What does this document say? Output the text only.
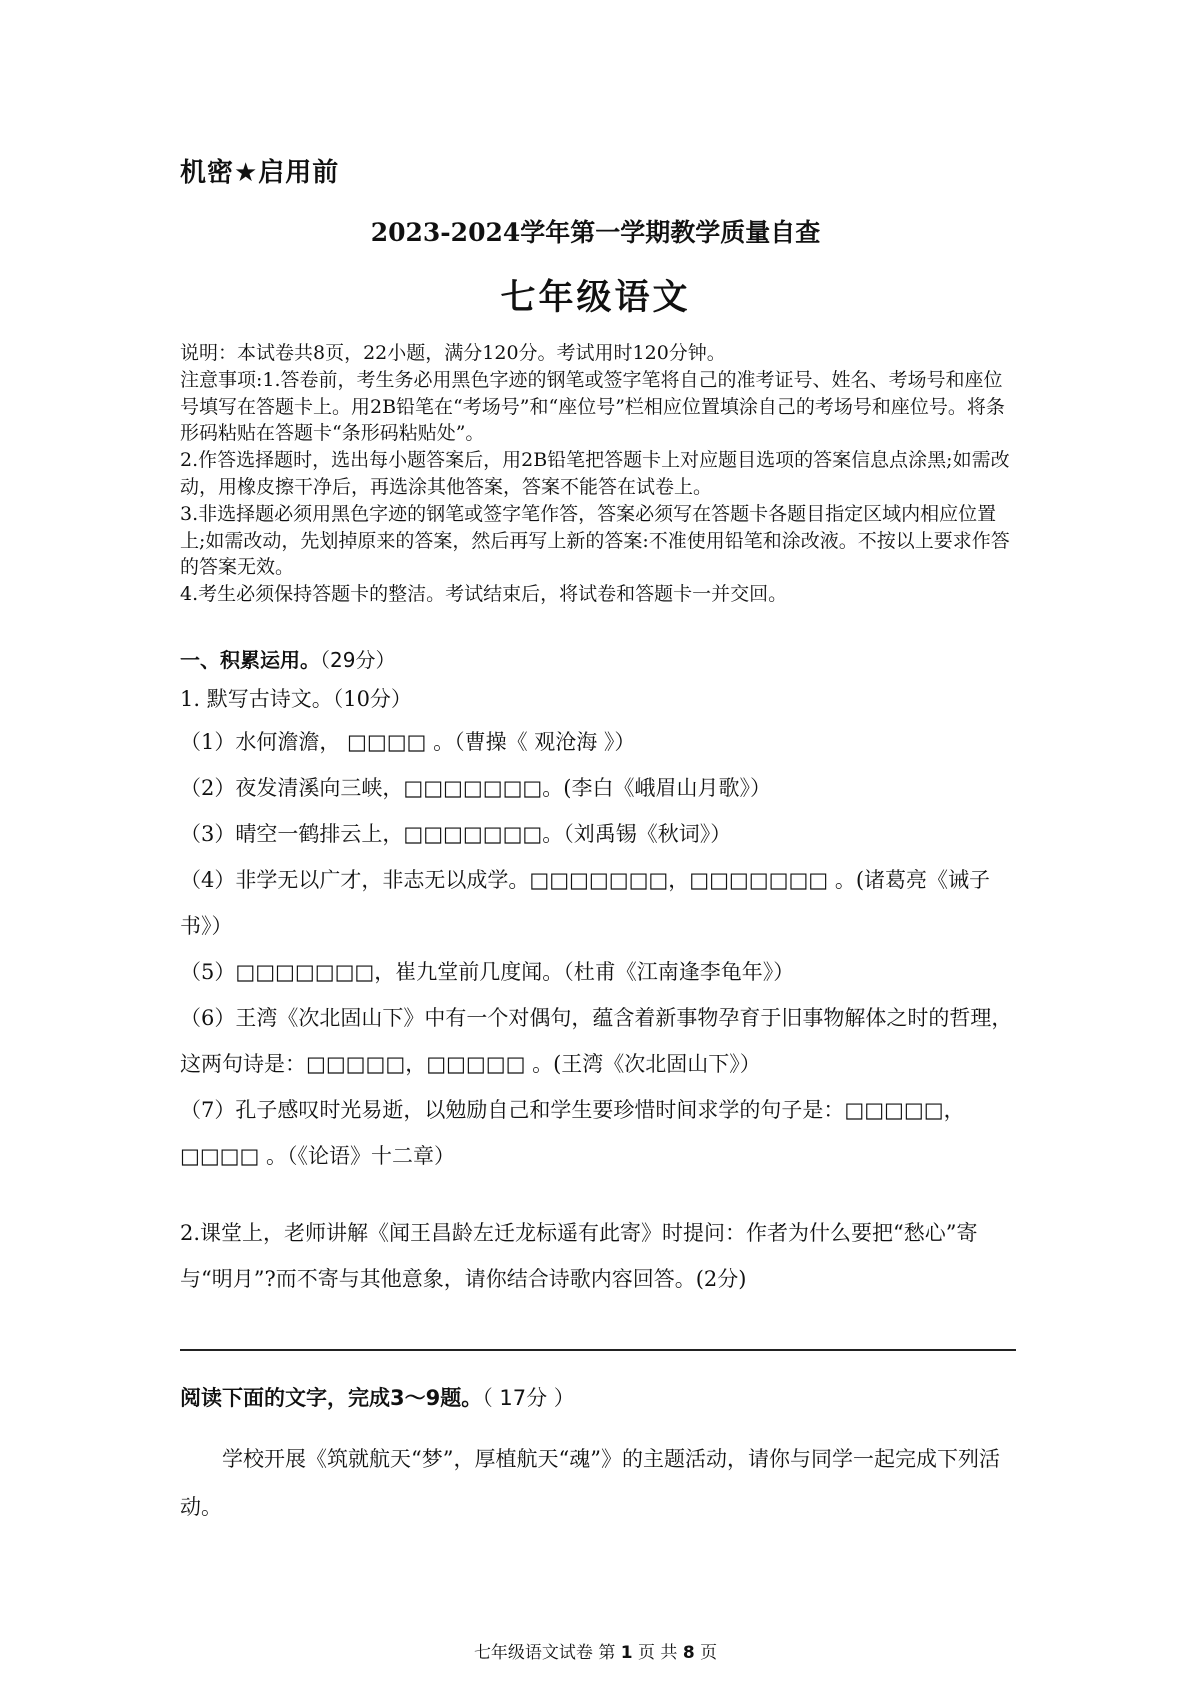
机密★启用前
2023-2024学年第一学期教学质量自查
七年级语文

说明：本试卷共8页，22小题，满分120分。考试用时120分钟。

注意事项:1.答卷前，考生务必用黑色字迹的钢笔或签字笔将自己的准考证号、姓名、考场号和座位号填写在答题卡上。用2B铅笔在“考场号”和“座位号”栏相应位置填涂自己的考场号和座位号。将条形码粘贴在答题卡“条形码粘贴处”。

2.作答选择题时，选出每小题答案后，用2B铅笔把答题卡上对应题目选项的答案信息点涂黑;如需改动，用橡皮擦干净后，再选涂其他答案，答案不能答在试卷上。

3.非选择题必须用黑色字迹的钢笔或签字笔作答，答案必须写在答题卡各题目指定区域内相应位置上;如需改动，先划掉原来的答案，然后再写上新的答案:不准使用铅笔和涂改液。不按以上要求作答的答案无效。

4.考生必须保持答题卡的整洁。考试结束后，将试卷和答题卡一并交回。

一、积累运用。（29分）
1. 默写古诗文。（10分）

（1）水何澹澹， □□□□ 。（曹操《 观沧海 》）

（2）夜发清溪向三峡，□□□□□□□。(李白《峨眉山月歌》）

（3）晴空一鹤排云上，□□□□□□□。（刘禹锡《秋词》）

（4）非学无以广才，非志无以成学。□□□□□□□，□□□□□□□ 。(诸葛亮《诫子书》）

（5）□□□□□□□，崔九堂前几度闻。（杜甫《江南逢李龟年》）

（6）王湾《次北固山下》中有一个对偶句，蕴含着新事物孕育于旧事物解体之时的哲理，这两句诗是：□□□□□，□□□□□ 。(王湾《次北固山下》）

（7）孔子感叹时光易逝，以勉励自己和学生要珍惜时间求学的句子是：□□□□□，□□□□ 。（《论语》十二章）

2.课堂上，老师讲解《闻王昌龄左迁龙标遥有此寄》时提问：作者为什么要把“愁心”寄与“明月”?而不寄与其他意象，请你结合诗歌内容回答。(2分)

阅读下面的文字，完成3～9题。（ 17分 ）

学校开展《筑就航天“梦”，厚植航天“魂”》的主题活动，请你与同学一起完成下列活动。

七年级语文试卷 第 1 页 共 8 页
